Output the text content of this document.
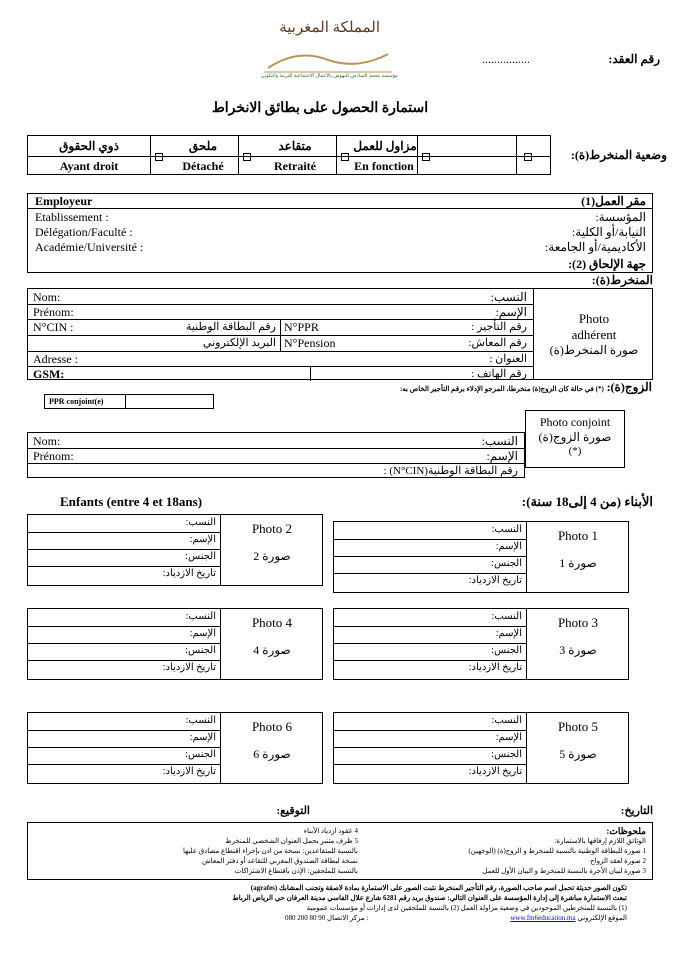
المملكة المغربية
مؤسسة محمد السادس للنهوض بالأعمال الاجتماعية للتربية والتكوين
................	رقم العقد:
استمارة الحصول على بطائق الانخراط
ذوي الحقوق
Ayant droit
ملحق
Détaché
متقاعد
Retraité
مزاول للعمل
En fonction
وضعية المنخرط(ة):
Employeur	مقر العمل(1)
Etablissement :	المؤسسة:
Délégation/Faculté :	النيابة/أو الكلية:
Académie/Université :	الأكاديمية/أو الجامعة:
جهة الإلحاق (2):
المنخرط(ة):
Nom:	النسب:
Prénom:	الإسم:
N°CIN :	رقم البطاقة الوطنية N°PPR	رقم التأجير :
البريد الإلكتروني N°Pension	رقم المعاش:
Adresse :	العنوان :
GSM:	رقم الهاتف :
Photo
adhérent
صورة المنخرط(ة)
الزوج(ة): (*) في حالة كان الزوج(ة) منخرطا، المرجو الإدلاء برقم التأجير الخاص به:
PPR conjoint(e)
Photo conjoint
صورة الزوج(ة)
(*)
Nom:	النسب:
Prénom:	الإسم:
رقم البطاقة الوطنية(N°CIN) :
Enfants (entre 4 et 18ans)	الأبناء (من 4 إلى18 سنة):
النسب:
الإسم:
الجنس:
تاريخ الازدياد:
Photo 1
صورة 1
النسب:
الإسم:
الجنس:
تاريخ الازدياد:
Photo 2
صورة 2
النسب:
الإسم:
الجنس:
تاريخ الازدياد:
Photo 3
صورة 3
النسب:
الإسم:
الجنس:
تاريخ الازدياد:
Photo 4
صورة 4
النسب:
الإسم:
الجنس:
تاريخ الازدياد:
Photo 5
صورة 5
النسب:
الإسم:
الجنس:
تاريخ الازدياد:
Photo 6
صورة 6
التوقيع:	التاريخ:
ملحوظات:
الوثائق اللازم إرفاقها بالاستمارة:
1 صورة للبطاقة الوطنية بالنسبة للمنخرط و الزوج(ة) (الوجهين)
2 صورة لعقد الزواج
3 صورة لبيان الأجرة بالنسبة للمنخرط و البيان الأول للعمل
4 عقود ازدياد الأبناء
5 ظرف متنبر يحمل العنوان الشخصي للمنخرط
بالنسبة للمتقاعدين: نسخة من اذن بإجراء اقتطاع مصادق عليها
نسخة لبطاقة الصندوق المغربي للتقاعد أو دفتر المعاش
بالنسبة للملحقين: الإذن باقتطاع الاشتراكات
تكون الصور حديثة تحمل اسم صاحب الصورة، رقم التأجير المنخرط نثبت الصور على الاستمارة بمادة لاصقة وتجنب المشابك (agrafes)
تبعث الاستمارة مباشرة إلى إدارة المؤسسة على العنوان التالي: صندوق بريد رقم 6281 شارع علال الفاسي مدينة العرفان حي الرياض الرباط
(1) بالنسبة للمنخرطين الموجودين في وضعية مزاولة العمل (2) بالنسبة للملحقين لدى إدارات أو مؤسسات عمومية
الموقع الإلكتروني www.fm6education.ma
080 200 80 90 مركز الاتصال :
